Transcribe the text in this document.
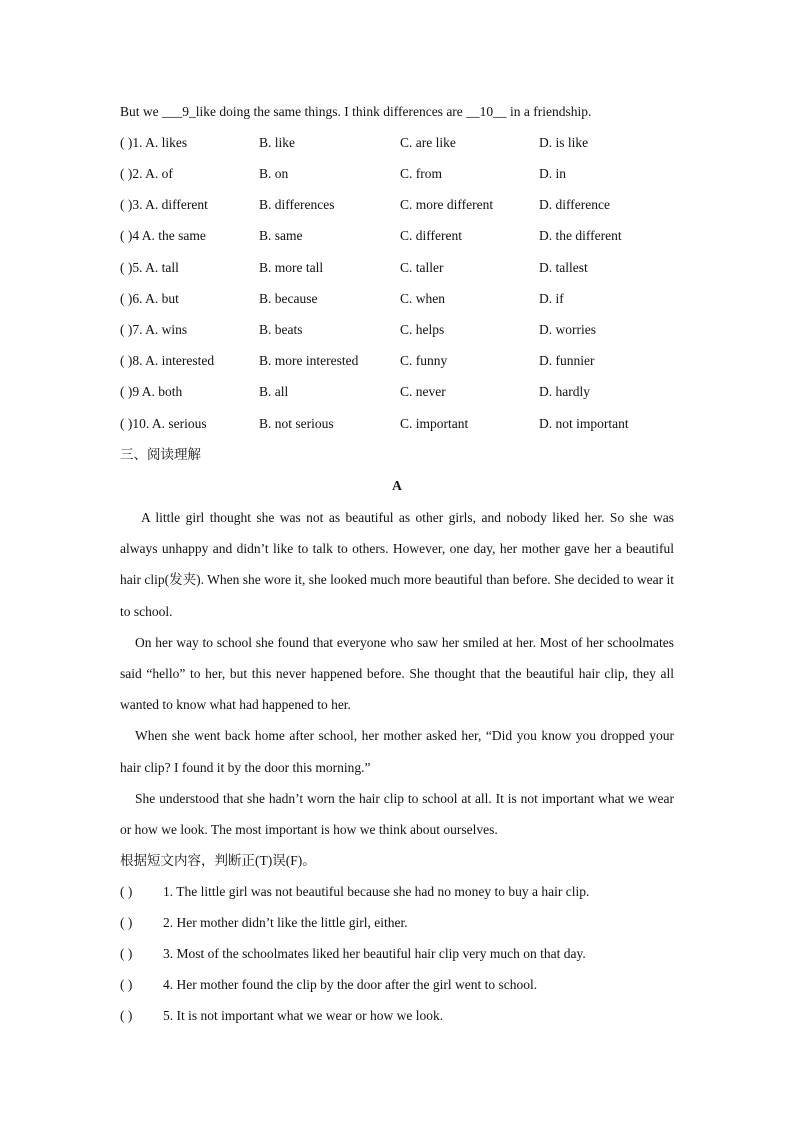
But we ___9_like doing the same things. I think differences are __10__ in a friendship.
( )1. A. likes	B. like	C. are like	D. is like
( )2. A. of	B. on	C. from	D. in
( )3. A. different	B. differences	C. more different	D. difference
( )4 A. the same	B. same	C. different	D. the different
( )5. A. tall	B. more tall	C. taller	D. tallest
( )6. A. but	B. because	C. when	D. if
( )7. A. wins	B. beats	C. helps	D. worries
( )8. A. interested	B. more interested	C. funny	D. funnier
( )9 A. both	B. all	C. never	D. hardly
( )10. A. serious	B. not serious	C. important	D. not important
三、阅读理解
A

A little girl thought she was not as beautiful as other girls, and nobody liked her. So she was always unhappy and didn’t like to talk to others. However, one day, her mother gave her a beautiful hair clip(发夹). When she wore it, she looked much more beautiful than before. She decided to wear it to school.

On her way to school she found that everyone who saw her smiled at her. Most of her schoolmates said “hello” to her, but this never happened before. She thought that the beautiful hair clip, they all wanted to know what had happened to her.

When she went back home after school, her mother asked her, “Did you know you dropped your hair clip? I found it by the door this morning.”

She understood that she hadn’t worn the hair clip to school at all. It is not important what we wear or how we look. The most important is how we think about ourselves.

根据短文内容，判断正(T)误(F)。
( ) 1. The little girl was not beautiful because she had no money to buy a hair clip.
( ) 2. Her mother didn’t like the little girl, either.
( ) 3. Most of the schoolmates liked her beautiful hair clip very much on that day.
( ) 4. Her mother found the clip by the door after the girl went to school.
( ) 5. It is not important what we wear or how we look.
